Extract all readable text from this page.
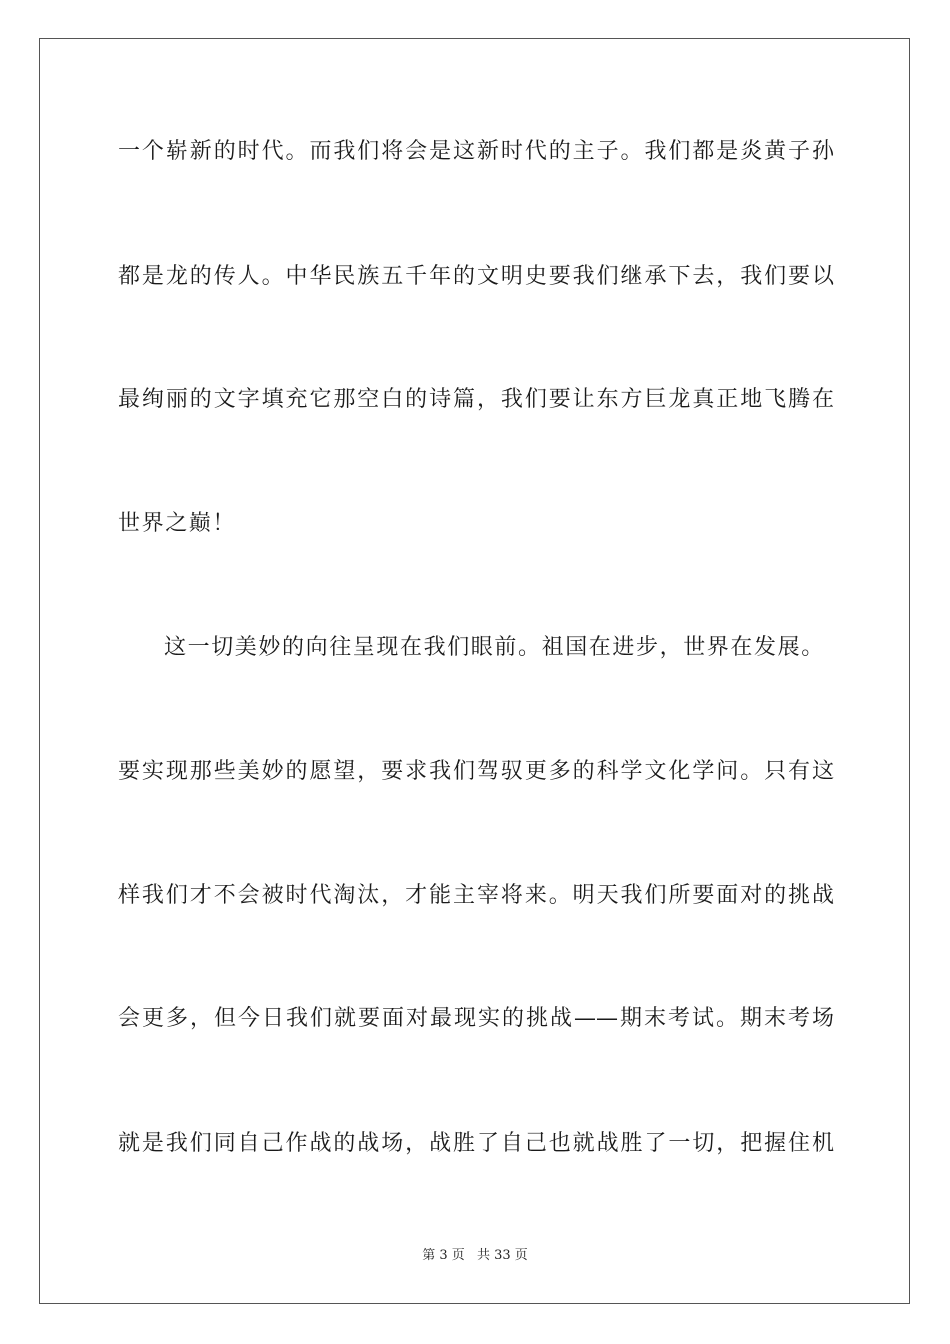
一个崭新的时代。而我们将会是这新时代的主子。我们都是炎黄子孙
都是龙的传人。中华民族五千年的文明史要我们继承下去，我们要以
最绚丽的文字填充它那空白的诗篇，我们要让东方巨龙真正地飞腾在
世界之巅！
这一切美妙的向往呈现在我们眼前。祖国在进步，世界在发展。
要实现那些美妙的愿望，要求我们驾驭更多的科学文化学问。只有这
样我们才不会被时代淘汰，才能主宰将来。明天我们所要面对的挑战
会更多，但今日我们就要面对最现实的挑战——期末考试。期末考场
就是我们同自己作战的战场，战胜了自己也就战胜了一切，把握住机
第 3 页 共 33 页
